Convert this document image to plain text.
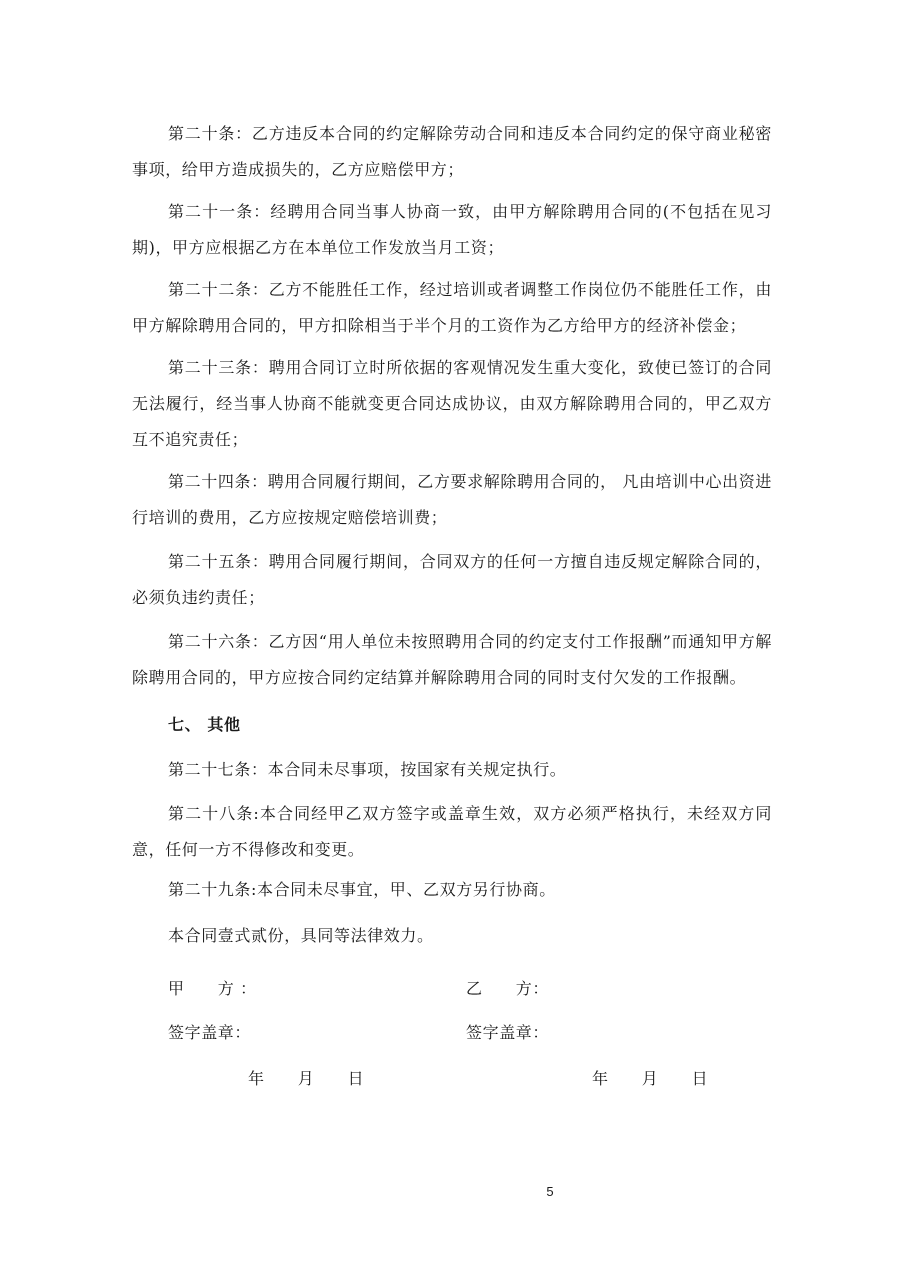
第二十条：乙方违反本合同的约定解除劳动合同和违反本合同约定的保守商业秘密事项，给甲方造成损失的，乙方应赔偿甲方；

第二十一条：经聘用合同当事人协商一致，由甲方解除聘用合同的(不包括在见习期)，甲方应根据乙方在本单位工作发放当月工资；

第二十二条：乙方不能胜任工作，经过培训或者调整工作岗位仍不能胜任工作，由甲方解除聘用合同的，甲方扣除相当于半个月的工资作为乙方给甲方的经济补偿金；

第二十三条：聘用合同订立时所依据的客观情况发生重大变化，致使已签订的合同无法履行，经当事人协商不能就变更合同达成协议，由双方解除聘用合同的，甲乙双方互不追究责任；

第二十四条：聘用合同履行期间，乙方要求解除聘用合同的， 凡由培训中心出资进行培训的费用，乙方应按规定赔偿培训费；

第二十五条：聘用合同履行期间，合同双方的任何一方擅自违反规定解除合同的，必须负违约责任；

第二十六条：乙方因“用人单位未按照聘用合同的约定支付工作报酬”而通知甲方解除聘用合同的，甲方应按合同约定结算并解除聘用合同的同时支付欠发的工作报酬。

七、 其他

第二十七条：本合同未尽事项，按国家有关规定执行。

第二十八条:本合同经甲乙双方签字或盖章生效，双方必须严格执行，未经双方同意，任何一方不得修改和变更。

第二十九条:本合同未尽事宜，甲、乙双方另行协商。

本合同壹式贰份，具同等法律效力。

甲　　方 ：	乙　　方：
签字盖章：	签字盖章：
年　　月　　日	年　　月　　日
5
